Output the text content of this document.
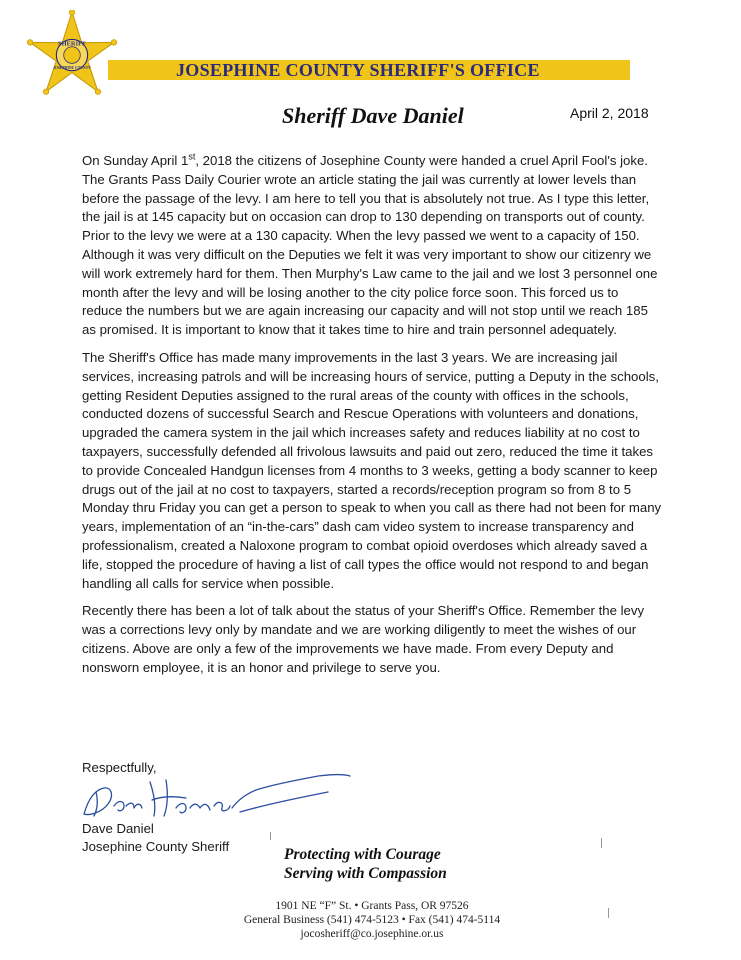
SHERIFF
JOSEPHINE COUNTY	JOSEPHINE COUNTY SHERIFF'S OFFICE
Sheriff Dave Daniel	April 2, 2018

On Sunday April 1st, 2018 the citizens of Josephine County were handed a cruel April Fool's joke. The Grants Pass Daily Courier wrote an article stating the jail was currently at lower levels than before the passage of the levy. I am here to tell you that is absolutely not true. As I type this letter, the jail is at 145 capacity but on occasion can drop to 130 depending on transports out of county. Prior to the levy we were at a 130 capacity. When the levy passed we went to a capacity of 150. Although it was very difficult on the Deputies we felt it was very important to show our citizenry we will work extremely hard for them. Then Murphy's Law came to the jail and we lost 3 personnel one month after the levy and will be losing another to the city police force soon. This forced us to reduce the numbers but we are again increasing our capacity and will not stop until we reach 185 as promised. It is important to know that it takes time to hire and train personnel adequately.

The Sheriff's Office has made many improvements in the last 3 years. We are increasing jail services, increasing patrols and will be increasing hours of service, putting a Deputy in the schools, getting Resident Deputies assigned to the rural areas of the county with offices in the schools, conducted dozens of successful Search and Rescue Operations with volunteers and donations, upgraded the camera system in the jail which increases safety and reduces liability at no cost to taxpayers, successfully defended all frivolous lawsuits and paid out zero, reduced the time it takes to provide Concealed Handgun licenses from 4 months to 3 weeks, getting a body scanner to keep drugs out of the jail at no cost to taxpayers, started a records/reception program so from 8 to 5 Monday thru Friday you can get a person to speak to when you call as there had not been for many years, implementation of an “in-the-cars” dash cam video system to increase transparency and professionalism, created a Naloxone program to combat opioid overdoses which already saved a life, stopped the procedure of having a list of call types the office would not respond to and began handling all calls for service when possible.

Recently there has been a lot of talk about the status of your Sheriff's Office. Remember the levy was a corrections levy only by mandate and we are working diligently to meet the wishes of our citizens. Above are only a few of the improvements we have made. From every Deputy and nonsworn employee, it is an honor and privilege to serve you.

Respectfully,
Dave Daniel
Josephine County Sheriff	Protecting with Courage
Serving with Compassion
1901 NE “F” St. • Grants Pass, OR 97526
General Business (541) 474-5123 • Fax (541) 474-5114
jocosheriff@co.josephine.or.us
